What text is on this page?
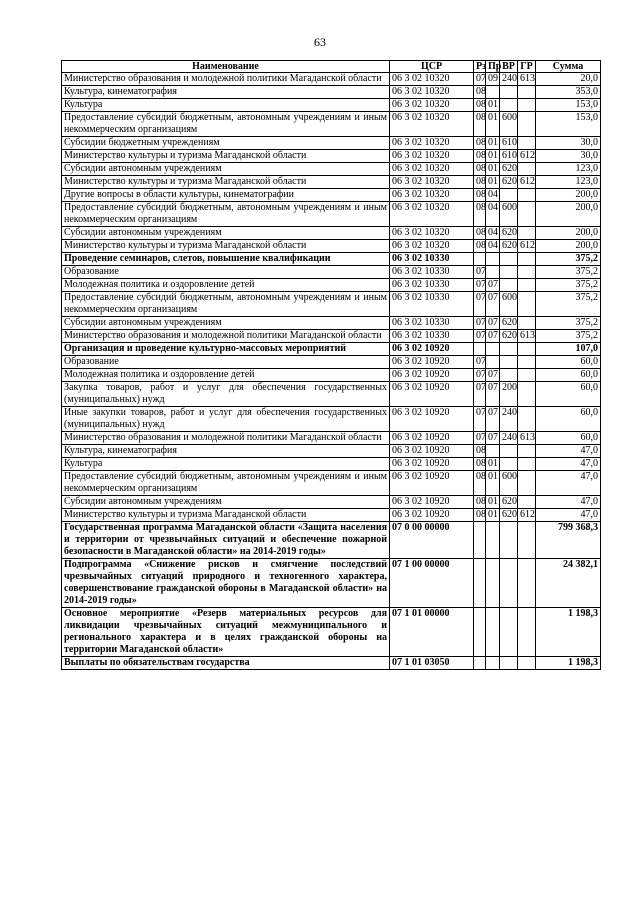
63
Наименование	ЦСР	Рз	Пр	ВР	ГР	Сумма
Министерство образования и молодежной политики Магаданской области	06 3 02 10320	07	09	240	613	20,0
Культура, кинематография	06 3 02 10320	08				353,0
Культура	06 3 02 10320	08	01			153,0
Предоставление субсидий бюджетным, автономным учреждениям и иным некоммерческим организациям	06 3 02 10320	08	01	600		153,0
Субсидии бюджетным учреждениям	06 3 02 10320	08	01	610		30,0
Министерство культуры и туризма Магаданской области	06 3 02 10320	08	01	610	612	30,0
Субсидии автономным учреждениям	06 3 02 10320	08	01	620		123,0
Министерство культуры и туризма Магаданской области	06 3 02 10320	08	01	620	612	123,0
Другие вопросы в области культуры, кинематографии	06 3 02 10320	08	04			200,0
Предоставление субсидий бюджетным, автономным учреждениям и иным некоммерческим организациям	06 3 02 10320	08	04	600		200,0
Субсидии автономным учреждениям	06 3 02 10320	08	04	620		200,0
Министерство культуры и туризма Магаданской области	06 3 02 10320	08	04	620	612	200,0
Проведение семинаров, слетов, повышение квалификации	06 3 02 10330					375,2
Образование	06 3 02 10330	07				375,2
Молодежная политика и оздоровление детей	06 3 02 10330	07	07			375,2
Предоставление субсидий бюджетным, автономным учреждениям и иным некоммерческим организациям	06 3 02 10330	07	07	600		375,2
Субсидии автономным учреждениям	06 3 02 10330	07	07	620		375,2
Министерство образования и молодежной политики Магаданской области	06 3 02 10330	07	07	620	613	375,2
Организация и проведение культурно-массовых мероприятий	06 3 02 10920					107,0
Образование	06 3 02 10920	07				60,0
Молодежная политика и оздоровление детей	06 3 02 10920	07	07			60,0
Закупка товаров, работ и услуг для обеспечения государственных (муниципальных) нужд	06 3 02 10920	07	07	200		60,0
Иные закупки товаров, работ и услуг для обеспечения государственных (муниципальных) нужд	06 3 02 10920	07	07	240		60,0
Министерство образования и молодежной политики Магаданской области	06 3 02 10920	07	07	240	613	60,0
Культура, кинематография	06 3 02 10920	08				47,0
Культура	06 3 02 10920	08	01			47,0
Предоставление субсидий бюджетным, автономным учреждениям и иным некоммерческим организациям	06 3 02 10920	08	01	600		47,0
Субсидии автономным учреждениям	06 3 02 10920	08	01	620		47,0
Министерство культуры и туризма Магаданской области	06 3 02 10920	08	01	620	612	47,0
Государственная программа Магаданской области «Защита населения и территории от чрезвычайных ситуаций и обеспечение пожарной безопасности в Магаданской области» на 2014-2019 годы»	07 0 00 00000					799 368,3
Подпрограмма «Снижение рисков и смягчение последствий чрезвычайных ситуаций природного и техногенного характера, совершенствование гражданской обороны в Магаданской области» на 2014-2019 годы»	07 1 00 00000					24 382,1
Основное мероприятие «Резерв материальных ресурсов для ликвидации чрезвычайных ситуаций межмуниципального и регионального характера и в целях гражданской обороны на территории Магаданской области»	07 1 01 00000					1 198,3
Выплаты по обязательствам государства	07 1 01 03050					1 198,3
